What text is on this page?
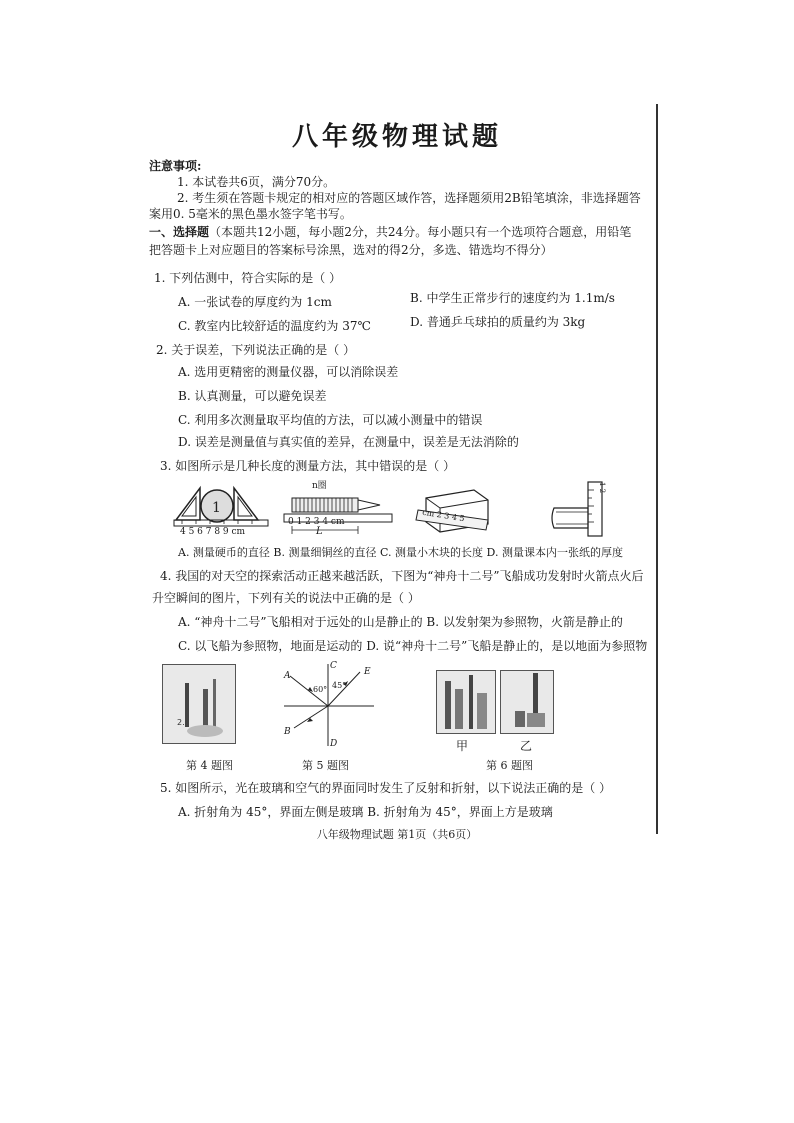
八年级物理试题
注意事项:
1. 本试卷共6页，满分70分。
2. 考生须在答题卡规定的相对应的答题区域作答，选择题须用2B铅笔填涂，非选择题答
案用0. 5毫米的黑色墨水签字笔书写。
一、选择题（本题共12小题，每小题2分，共24分。每小题只有一个选项符合题意，用铅笔
把答题卡上对应题目的答案标号涂黑，选对的得2分，多选、错选均不得分）
1. 下列估测中，符合实际的是（ ）
A. 一张试卷的厚度约为 1cm	B. 中学生正常步行的速度约为 1.1m/s
C. 教室内比较舒适的温度约为 37℃	D. 普通乒乓球拍的质量约为 3kg
2. 关于误差，下列说法正确的是（ ）
A. 选用更精密的测量仪器，可以消除误差
B. 认真测量，可以避免误差
C. 利用多次测量取平均值的方法，可以减小测量中的错误
D. 误差是测量值与真实值的差异，在测量中，误差是无法消除的
3. 如图所示是几种长度的测量方法，其中错误的是（ ）
1
4 5 6 7 8 9 cm
n圈
0 1 2 3 4 cm
L
cm 2 3 4 5
1 2
A. 测量硬币的直径 B. 测量细铜丝的直径 C. 测量小木块的长度 D. 测量课本内一张纸的厚度
4. 我国的对天空的探索活动正越来越活跃，下图为“神舟十二号”飞船成功发射时火箭点火后
升空瞬间的图片，下列有关的说法中正确的是（ ）
A. “神舟十二号”飞船相对于远处的山是静止的 B. 以发射架为参照物，火箭是静止的
C. 以飞船为参照物，地面是运动的 D. 说“神舟十二号”飞船是静止的，是以地面为参照物
2.
A
C
E
B
D
60° 45°
甲	乙
第 4 题图	第 5 题图	第 6 题图
5. 如图所示，光在玻璃和空气的界面同时发生了反射和折射，以下说法正确的是（ ）
A. 折射角为 45°，界面左侧是玻璃 B. 折射角为 45°，界面上方是玻璃
八年级物理试题 第1页（共6页）
